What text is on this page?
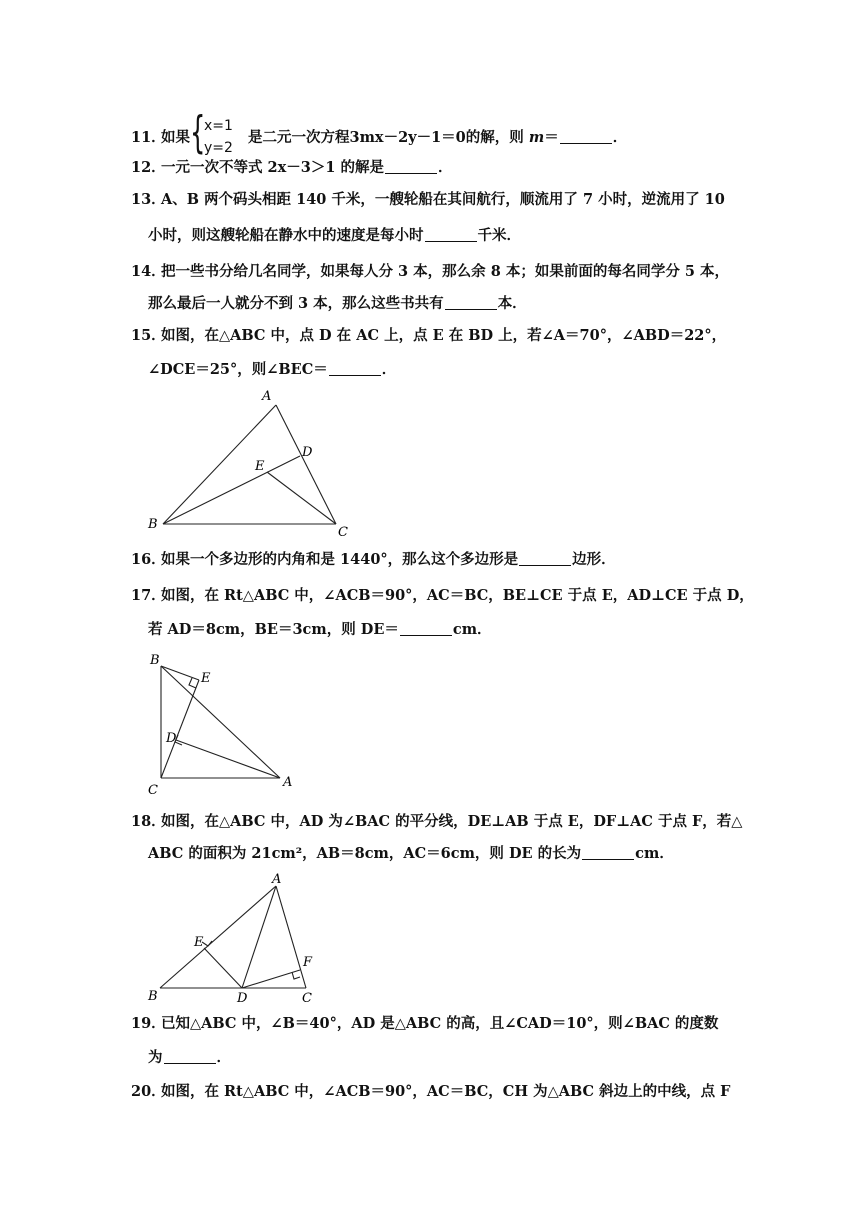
11．如果 {
x=1
y=2
是二元一次方程3mx－2y－1＝0的解，则 m＝	．
12．一元一次不等式 2x－3＞1 的解是	．
13．A、B 两个码头相距 140 千米，一艘轮船在其间航行，顺流用了 7 小时，逆流用了 10
小时，则这艘轮船在静水中的速度是每小时	千米．
14．把一些书分给几名同学，如果每人分 3 本，那么余 8 本；如果前面的每名同学分 5 本，
那么最后一人就分不到 3 本，那么这些书共有	本．
15．如图，在△ABC 中，点 D 在 AC 上，点 E 在 BD 上，若∠A＝70°，∠ABD＝22°，
∠DCE＝25°，则∠BEC＝	．
A
B
C
D
E
16．如果一个多边形的内角和是 1440°，那么这个多边形是	边形．
17．如图，在 Rt△ABC 中，∠ACB＝90°，AC＝BC，BE⊥CE 于点 E，AD⊥CE 于点 D，
若 AD＝8cm，BE＝3cm，则 DE＝	cm．
B
E
D
C
A
18．如图，在△ABC 中，AD 为∠BAC 的平分线，DE⊥AB 于点 E，DF⊥AC 于点 F，若△
ABC 的面积为 21cm²，AB＝8cm，AC＝6cm，则 DE 的长为	cm．
A
E
F
B	D	C
19．已知△ABC 中，∠B＝40°，AD 是△ABC 的高，且∠CAD＝10°，则∠BAC 的度数
为	．
20．如图，在 Rt△ABC 中，∠ACB＝90°，AC＝BC，CH 为△ABC 斜边上的中线，点 F
